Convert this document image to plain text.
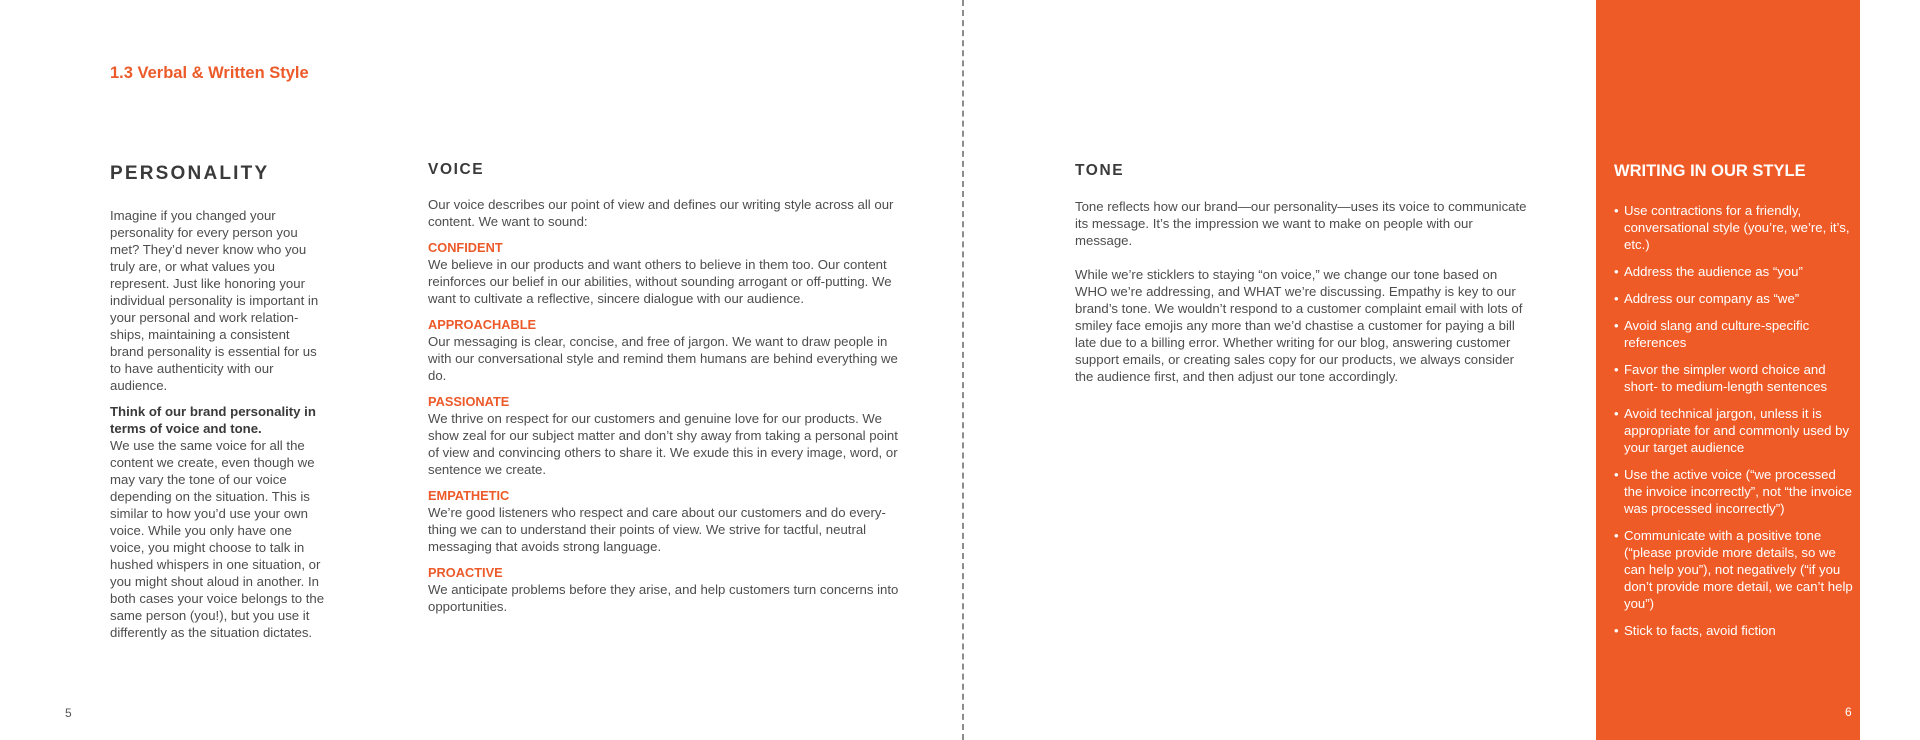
1.3 Verbal & Written Style
PERSONALITY

Imagine if you changed your personality for every person you met? They’d never know who you truly are, or what values you represent. Just like honoring your individual personality is important in your personal and work relation-ships, maintaining a consistent brand personality is essential for us to have authenticity with our audience.

Think of our brand personality in terms of voice and tone.

We use the same voice for all the content we create, even though we may vary the tone of our voice depending on the situation. This is similar to how you’d use your own voice. While you only have one voice, you might choose to talk in hushed whispers in one situation, or you might shout aloud in another. In both cases your voice belongs to the same person (you!), but you use it differently as the situation dictates.

VOICE

Our voice describes our point of view and defines our writing style across all our content. We want to sound:

CONFIDENT

We believe in our products and want others to believe in them too. Our content reinforces our belief in our abilities, without sounding arrogant or off-putting. We want to cultivate a reflective, sincere dialogue with our audience.

APPROACHABLE

Our messaging is clear, concise, and free of jargon. We want to draw people in with our conversational style and remind them humans are behind everything we do.

PASSIONATE

We thrive on respect for our customers and genuine love for our products. We show zeal for our subject matter and don’t shy away from taking a personal point of view and convincing others to share it. We exude this in every image, word, or sentence we create.

EMPATHETIC

We’re good listeners who respect and care about our customers and do every-thing we can to understand their points of view. We strive for tactful, neutral messaging that avoids strong language.

PROACTIVE

We anticipate problems before they arise, and help customers turn concerns into opportunities.

TONE

Tone reflects how our brand—our personality—uses its voice to communicate its message. It’s the impression we want to make on people with our message.

While we’re sticklers to staying “on voice,” we change our tone based on WHO we’re addressing, and WHAT we’re discussing. Empathy is key to our brand’s tone. We wouldn’t respond to a customer complaint email with lots of smiley face emojis any more than we’d chastise a customer for paying a bill late due to a billing error. Whether writing for our blog, answering customer support emails, or creating sales copy for our products, we always consider the audience first, and then adjust our tone accordingly.

WRITING IN OUR STYLE
• Use contractions for a friendly, conversational style (you’re, we’re, it’s, etc.)
• Address the audience as “you”
• Address our company as “we”
• Avoid slang and culture-specific references
• Favor the simpler word choice and short- to medium-length sentences
• Avoid technical jargon, unless it is appropriate for and commonly used by your target audience
• Use the active voice (“we processed the invoice incorrectly”, not “the invoice was processed incorrectly”)
• Communicate with a positive tone (“please provide more details, so we can help you”), not negatively (“if you don’t provide more detail, we can’t help you”)
• Stick to facts, avoid fiction
5	6
